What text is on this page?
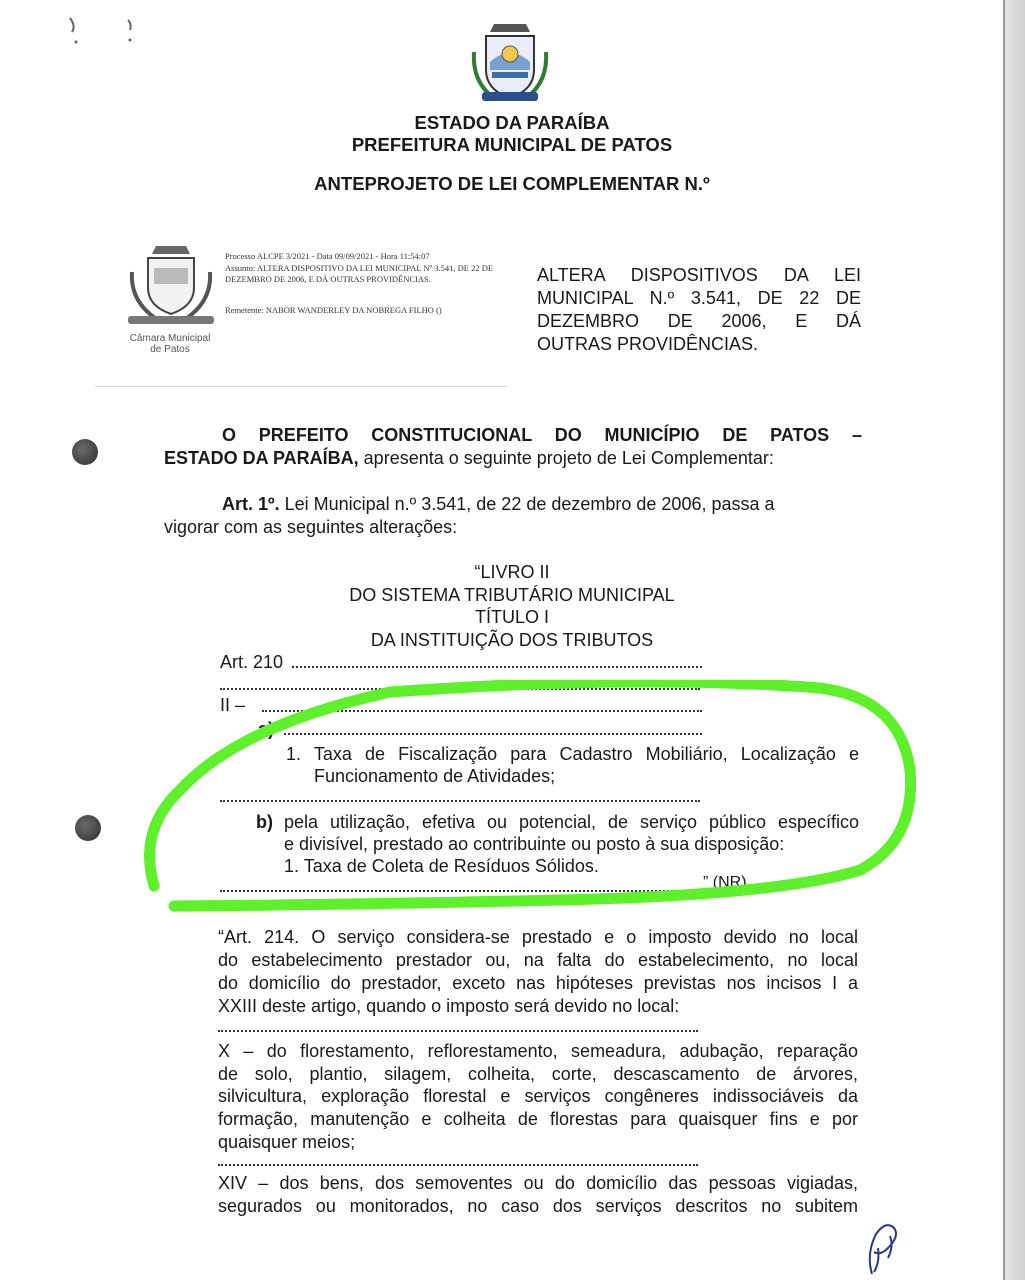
ESTADO DA PARAÍBA
PREFEITURA MUNICIPAL DE PATOS
ANTEPROJETO DE LEI COMPLEMENTAR N.º
Câmara Municipal
de Patos
Processo ALCPE 3/2021 - Data 09/09/2021 - Hora 11:54:07
Assunto: ALTERA DISPOSITIVO DA LEI MUNICIPAL Nº 3.541, DE 22 DE DEZEMBRO DE 2006, E DÁ OUTRAS PROVIDÊNCIAS.
Remetente: NABOR WANDERLEY DA NOBREGA FILHO ()
ALTERA DISPOSITIVOS DA LEI
MUNICIPAL N.º 3.541, DE 22 DE
DEZEMBRO DE 2006, E DÁ
OUTRAS PROVIDÊNCIAS.
O PREFEITO CONSTITUCIONAL DO MUNICÍPIO DE PATOS –
ESTADO DA PARAÍBA, apresenta o seguinte projeto de Lei Complementar:
Art. 1º. Lei Municipal n.º 3.541, de 22 de dezembro de 2006, passa a
vigorar com as seguintes alterações:
“LIVRO II
DO SISTEMA TRIBUTÁRIO MUNICIPAL
TÍTULO I
DA INSTITUIÇÃO DOS TRIBUTOS
Art. 210
II –
a)
1. Taxa de Fiscalização para Cadastro Mobiliário, Localização e
Funcionamento de Atividades;
b) pela utilização, efetiva ou potencial, de serviço público específico
e divisível, prestado ao contribuinte ou posto à sua disposição:
1. Taxa de Coleta de Resíduos Sólidos.
” (NR)
“Art. 214. O serviço considera-se prestado e o imposto devido no local
do estabelecimento prestador ou, na falta do estabelecimento, no local
do domicílio do prestador, exceto nas hipóteses previstas nos incisos I a
XXIII deste artigo, quando o imposto será devido no local:
X – do florestamento, reflorestamento, semeadura, adubação, reparação
de solo, plantio, silagem, colheita, corte, descascamento de árvores,
silvicultura, exploração florestal e serviços congêneres indissociáveis da
formação, manutenção e colheita de florestas para quaisquer fins e por
quaisquer meios;
XIV – dos bens, dos semoventes ou do domicílio das pessoas vigiadas,
segurados ou monitorados, no caso dos serviços descritos no subitem
